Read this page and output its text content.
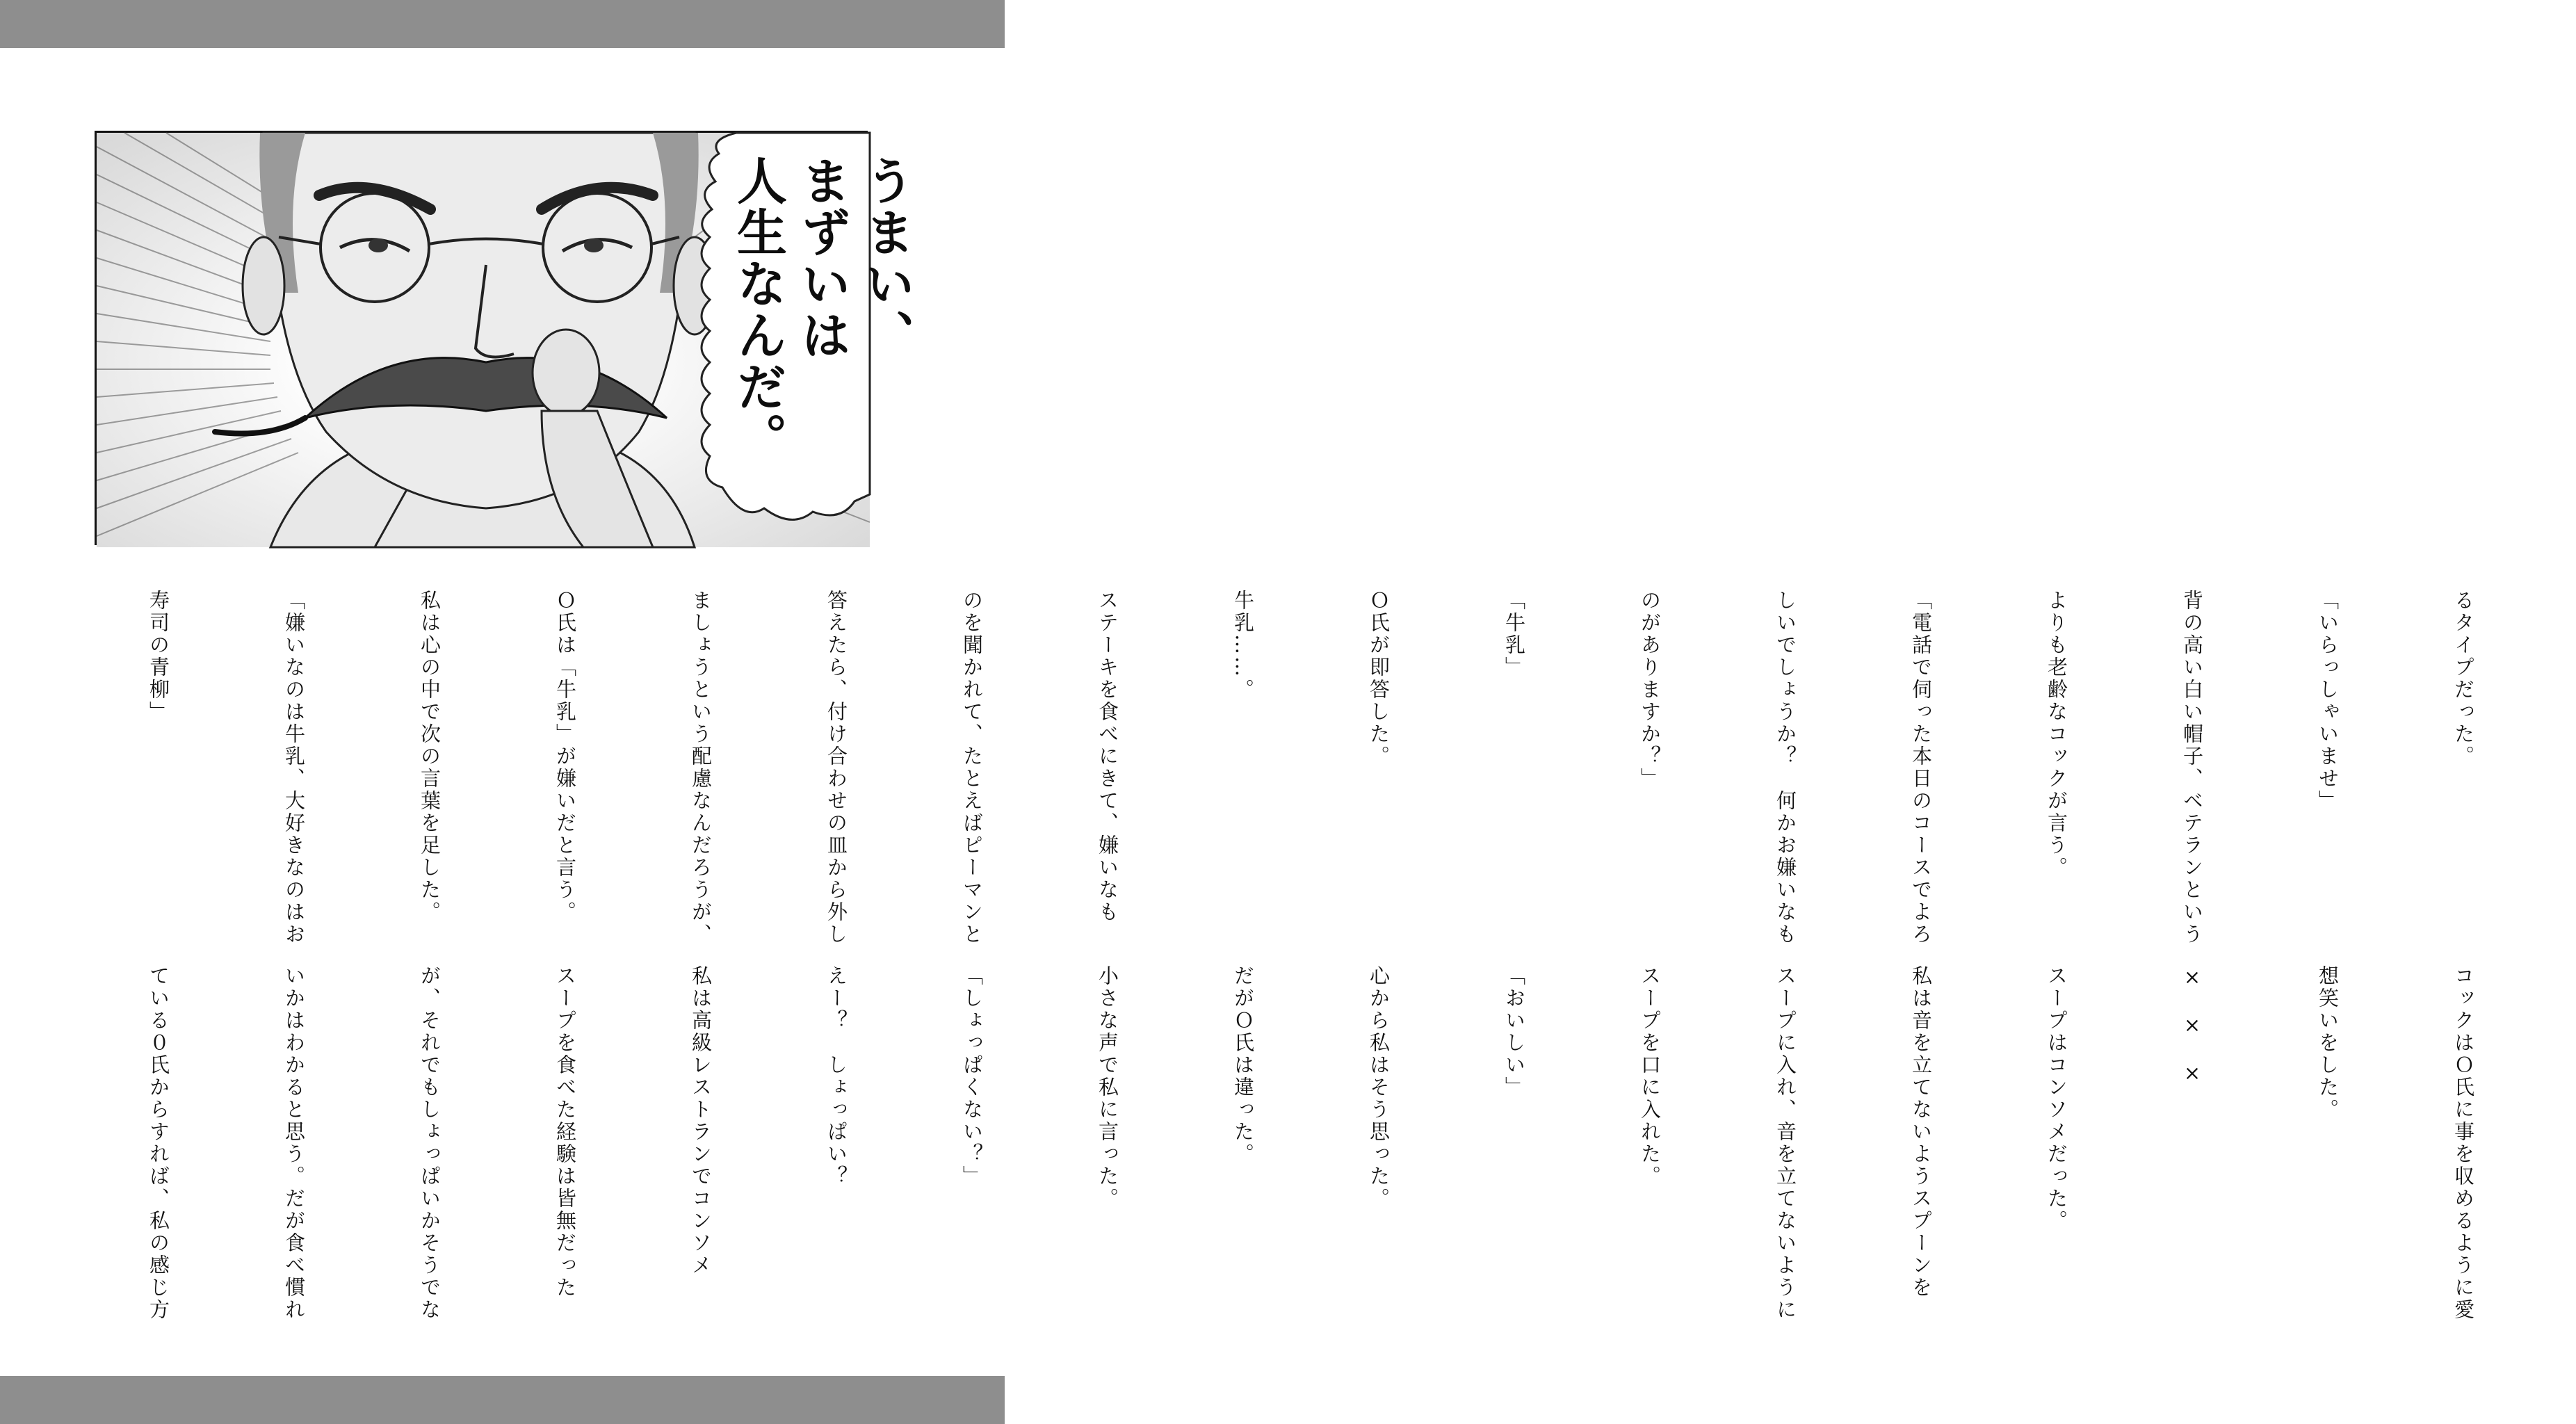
うまい、
まずいは
人生なんだ。

るタイプだった。

「いらっしゃいませ」

背の高い白い帽子、ベテランという

よりも老齢なコックが言う。

「電話で伺った本日のコースでよろ

しいでしょうか？　何かお嫌いなも

のがありますか？」

「牛乳」

Ｏ氏が即答した。

牛乳……。

ステーキを食べにきて、嫌いなも

のを聞かれて、たとえばピーマンと

答えたら、付け合わせの皿から外し

ましょうという配慮なんだろうが、

Ｏ氏は「牛乳」が嫌いだと言う。

私は心の中で次の言葉を足した。

「嫌いなのは牛乳、大好きなのはお

寿司の青柳」

コックはＯ氏に事を収めるように愛

想笑いをした。

×　×　×

スープはコンソメだった。

私は音を立てないようスプーンを

スープに入れ、音を立てないように

スープを口に入れた。

「おいしい」

心から私はそう思った。

だがＯ氏は違った。

小さな声で私に言った。

「しょっぱくない？」

えー？　しょっぱい？

私は高級レストランでコンソメ

スープを食べた経験は皆無だった

が、それでもしょっぱいかそうでな

いかはわかると思う。だが食べ慣れ

ている０氏からすれば、私の感じ方
